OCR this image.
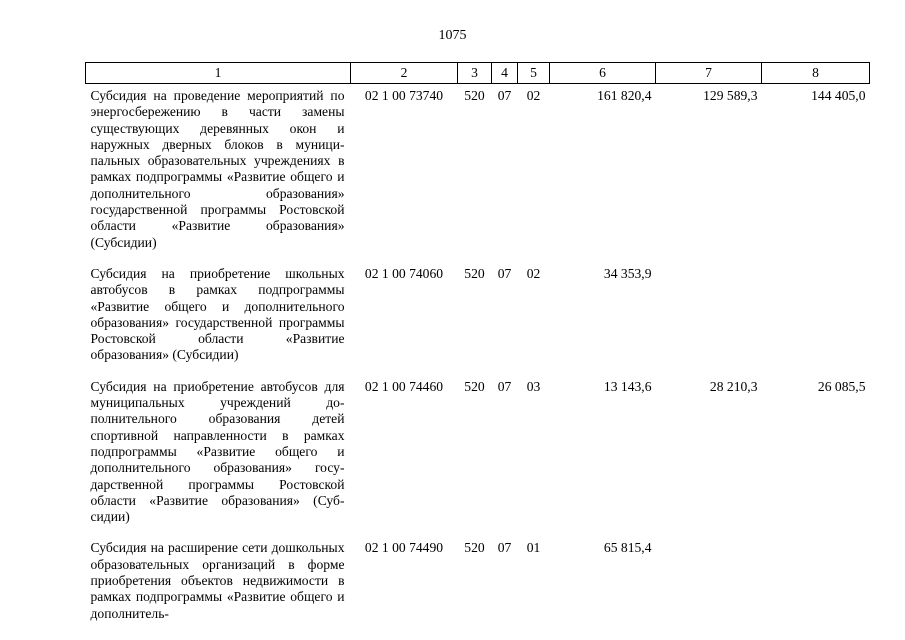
1075
1	2	3	4	5	6	7	8
Субсидия на проведение мероприятий по энергосбережению в части замены существующих деревянных окон и наружных дверных блоков в муниципальных образовательных учреждениях в рамках подпрограммы «Развитие общего и дополнительного образования» государственной программы Ростовской области «Развитие образования» (Субсидии)	02 1 00 73740	520	07	02	161 820,4	129 589,3	144 405,0
Субсидия на приобретение школьных автобусов в рамках подпрограммы «Развитие общего и дополнительного образования» государственной программы Ростовской области «Развитие образования» (Субсидии)	02 1 00 74060	520	07	02	34 353,9		
Субсидия на приобретение автобусов для муниципальных учреждений дополнительного образования детей спортивной направленности в рамках подпрограммы «Развитие общего и дополнительного образования» государственной программы Ростовской области «Развитие образования» (Субсидии)	02 1 00 74460	520	07	03	13 143,6	28 210,3	26 085,5
Субсидия на расширение сети дошкольных образовательных организаций в форме приобретения объектов недвижимости в рамках подпрограммы «Развитие общего и дополнитель-	02 1 00 74490	520	07	01	65 815,4		
